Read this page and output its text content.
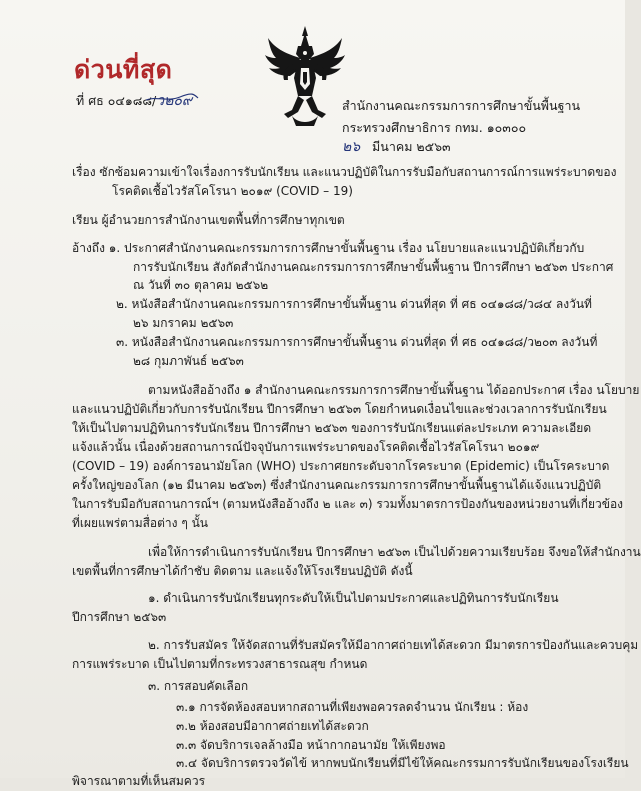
ด่วนที่สุด
ที่ ศธ ๐๔๑๘๘/ว๒๐๙	สำนักงานคณะกรรมการการศึกษาขั้นพื้นฐาน
กระทรวงศึกษาธิการ กทม. ๑๐๓๐๐
๒๖ มีนาคม ๒๕๖๓
เรื่อง ซักซ้อมความเข้าใจเรื่องการรับนักเรียน และแนวปฏิบัติในการรับมือกับสถานการณ์การแพร่ระบาดของ
โรคติดเชื้อไวรัสโคโรนา ๒๐๑๙ (COVID – 19)
เรียน ผู้อำนวยการสำนักงานเขตพื้นที่การศึกษาทุกเขต
อ้างถึง ๑. ประกาศสำนักงานคณะกรรมการการศึกษาขั้นพื้นฐาน เรื่อง นโยบายและแนวปฏิบัติเกี่ยวกับ
การรับนักเรียน สังกัดสำนักงานคณะกรรมการการศึกษาขั้นพื้นฐาน ปีการศึกษา ๒๕๖๓ ประกาศ
ณ วันที่ ๓๐ ตุลาคม ๒๕๖๒
๒. หนังสือสำนักงานคณะกรรมการการศึกษาขั้นพื้นฐาน ด่วนที่สุด ที่ ศธ ๐๔๑๘๘/ว๘๔ ลงวันที่
๒๖ มกราคม ๒๕๖๓
๓. หนังสือสำนักงานคณะกรรมการการศึกษาขั้นพื้นฐาน ด่วนที่สุด ที่ ศธ ๐๔๑๘๘/ว๒๐๓ ลงวันที่
๒๘ กุมภาพันธ์ ๒๕๖๓
ตามหนังสืออ้างถึง ๑ สำนักงานคณะกรรมการการศึกษาขั้นพื้นฐาน ได้ออกประกาศ เรื่อง นโยบาย
และแนวปฏิบัติเกี่ยวกับการรับนักเรียน ปีการศึกษา ๒๕๖๓ โดยกำหนดเงื่อนไขและช่วงเวลาการรับนักเรียน
ให้เป็นไปตามปฏิทินการรับนักเรียน ปีการศึกษา ๒๕๖๓ ของการรับนักเรียนแต่ละประเภท ความละเอียด
แจ้งแล้วนั้น เนื่องด้วยสถานการณ์ปัจจุบันการแพร่ระบาดของโรคติดเชื้อไวรัสโคโรนา ๒๐๑๙
(COVID – 19) องค์การอนามัยโลก (WHO) ประกาศยกระดับจากโรคระบาด (Epidemic) เป็นโรคระบาด
ครั้งใหญ่ของโลก (๑๒ มีนาคม ๒๕๖๓) ซึ่งสำนักงานคณะกรรมการการศึกษาขั้นพื้นฐานได้แจ้งแนวปฏิบัติ
ในการรับมือกับสถานการณ์ฯ (ตามหนังสืออ้างถึง ๒ และ ๓) รวมทั้งมาตรการป้องกันของหน่วยงานที่เกี่ยวข้อง
ที่เผยแพร่ตามสื่อต่าง ๆ นั้น
เพื่อให้การดำเนินการรับนักเรียน ปีการศึกษา ๒๕๖๓ เป็นไปด้วยความเรียบร้อย จึงขอให้สำนักงาน
เขตพื้นที่การศึกษาได้กำชับ ติดตาม และแจ้งให้โรงเรียนปฏิบัติ ดังนี้
๑. ดำเนินการรับนักเรียนทุกระดับให้เป็นไปตามประกาศและปฏิทินการรับนักเรียน
ปีการศึกษา ๒๕๖๓
๒. การรับสมัคร ให้จัดสถานที่รับสมัครให้มีอากาศถ่ายเทได้สะดวก มีมาตรการป้องกันและควบคุม
การแพร่ระบาด เป็นไปตามที่กระทรวงสาธารณสุข กำหนด
๓. การสอบคัดเลือก
๓.๑ การจัดห้องสอบหากสถานที่เพียงพอควรลดจำนวน นักเรียน : ห้อง
๓.๒ ห้องสอบมีอากาศถ่ายเทได้สะดวก
๓.๓ จัดบริการเจลล้างมือ หน้ากากอนามัย ให้เพียงพอ
๓.๔ จัดบริการตรวจวัดไข้ หากพบนักเรียนที่มีไข้ให้คณะกรรมการรับนักเรียนของโรงเรียน
พิจารณาตามที่เห็นสมควร
